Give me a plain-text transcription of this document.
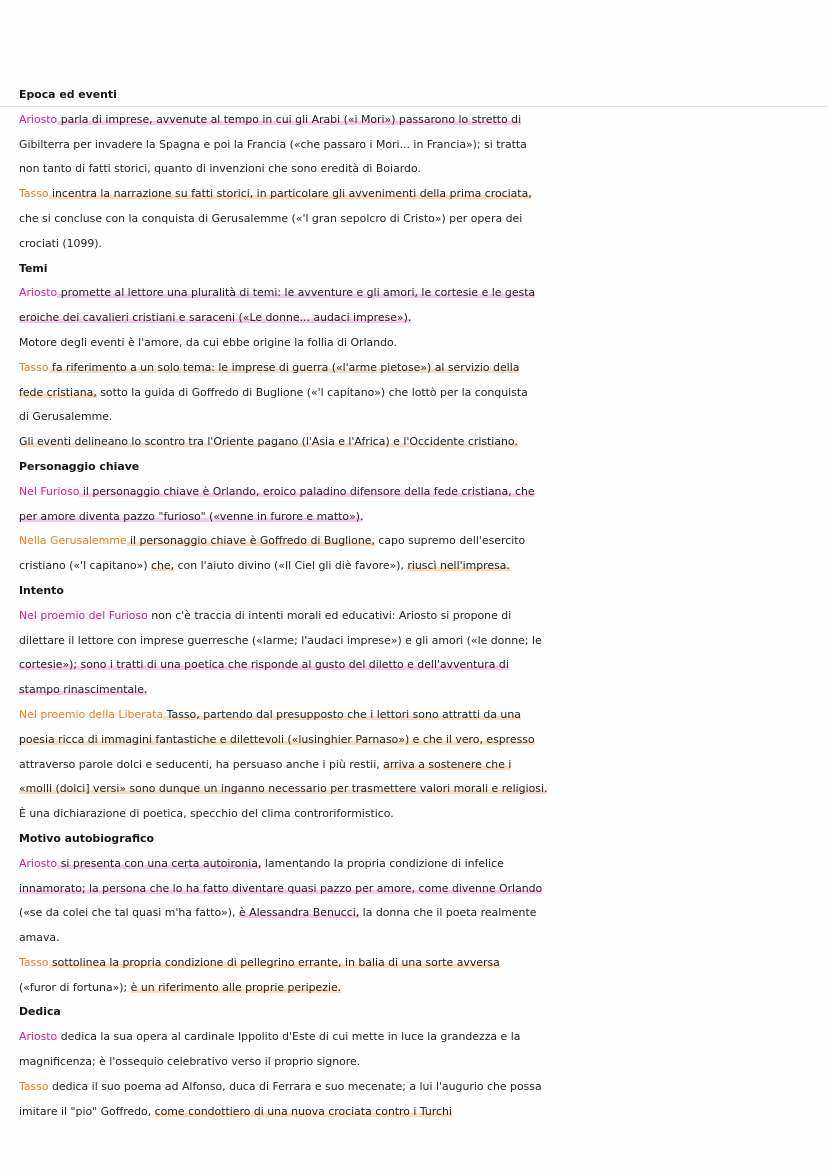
Epoca ed eventi
Ariosto parla di imprese, avvenute al tempo in cui gli Arabi («i Mori») passarono lo stretto di
Gibilterra per invadere la Spagna e poi la Francia («che passaro i Mori... in Francia»); si tratta
non tanto di fatti storici, quanto di invenzioni che sono eredità di Boiardo.
Tasso incentra la narrazione su fatti storici, in particolare gli avvenimenti della prima crociata,
che si concluse con la conquista di Gerusalemme («'l gran sepolcro di Cristo») per opera dei
crociati (1099).
Temi
Ariosto promette al lettore una pluralità di temi: le avventure e gli amori, le cortesie e le gesta
eroiche dei cavalieri cristiani e saraceni («Le donne... audaci imprese»).
Motore degli eventi è l'amore, da cui ebbe origine la follia di Orlando.
Tasso fa riferimento a un solo tema: le imprese di guerra («l'arme pietose») al servizio della
fede cristiana, sotto la guida di Goffredo di Buglione («'l capitano») che lottò per la conquista
di Gerusalemme.
Gli eventi delineano lo scontro tra l'Oriente pagano (l'Asia e l'Africa) e l'Occidente cristiano.
Personaggio chiave
Nel Furioso il personaggio chiave è Orlando, eroico paladino difensore della fede cristiana, che
per amore diventa pazzo "furioso" («venne in furore e matto»).
Nella Gerusalemme il personaggio chiave è Goffredo di Buglione, capo supremo dell'esercito
cristiano («'l capitano») che, con l'aiuto divino («Il Ciel gli diè favore»), riuscì nell'impresa.
Intento
Nel proemio del Furioso non c'è traccia di intenti morali ed educativi: Ariosto si propone di
dilettare il lettore con imprese guerresche («larme; l'audaci imprese») e gli amori («le donne; le
cortesie»); sono i tratti di una poetica che risponde al gusto del diletto e dell'avventura di
stampo rinascimentale.
Nel proemio della Liberata Tasso, partendo dal presupposto che i lettori sono attratti da una
poesia ricca di immagini fantastiche e dilettevoli («lusinghier Parnaso») e che il vero, espresso
attraverso parole dolci e seducenti, ha persuaso anche i più restii, arriva a sostenere che i
«molli (dolci] versi» sono dunque un inganno necessario per trasmettere valori morali e religiosi.
È una dichiarazione di poetica, specchio del clima controriformistico.
Motivo autobiografico
Ariosto si presenta con una certa autoironia, lamentando la propria condizione di infelice
innamorato; la persona che lo ha fatto diventare quasi pazzo per amore, come divenne Orlando
(«se da colei che tal quasi m'ha fatto»), è Alessandra Benucci, la donna che il poeta realmente
amava.
Tasso sottolinea la propria condizione di pellegrino errante, in balia di una sorte avversa
(«furor di fortuna»); è un riferimento alle proprie peripezie.
Dedica
Ariosto dedica la sua opera al cardinale Ippolito d'Este di cui mette in luce la grandezza e la
magnificenza; è l'ossequio celebrativo verso il proprio signore.
Tasso dedica il suo poema ad Alfonso, duca di Ferrara e suo mecenate; a lui l'augurio che possa
imitare il "pio" Goffredo, come condottiero di una nuova crociata contro i Turchi
